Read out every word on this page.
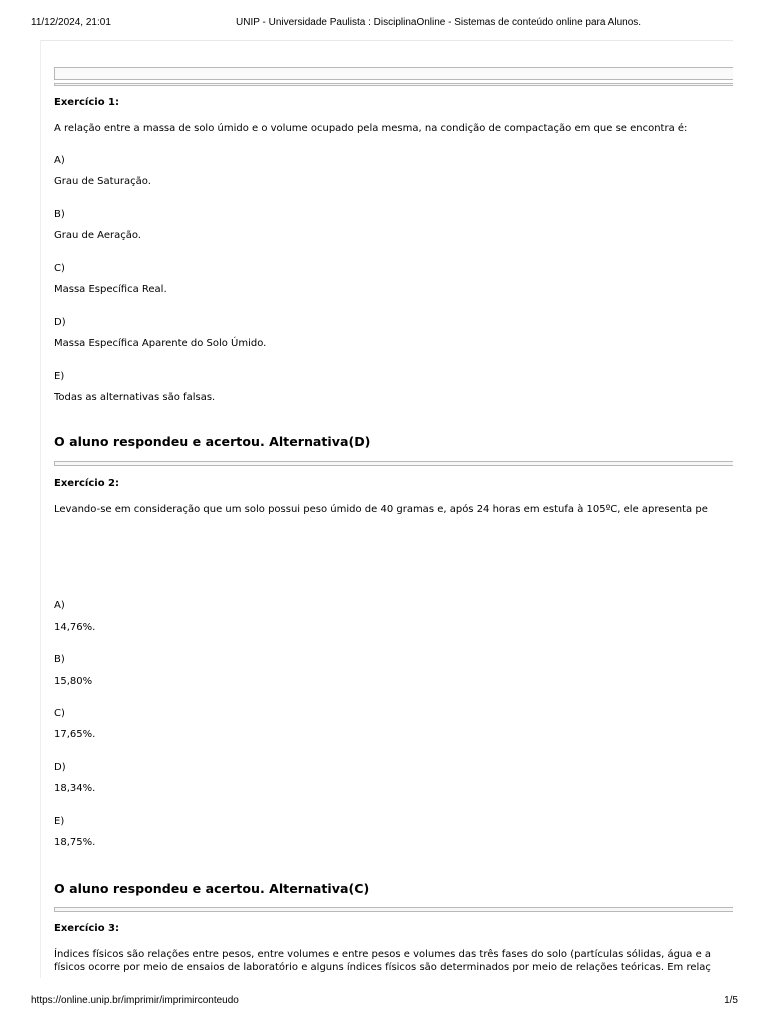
11/12/2024, 21:01	UNIP - Universidade Paulista : DisciplinaOnline - Sistemas de conteúdo online para Alunos.
Exercício 1:
A relação entre a massa de solo úmido e o volume ocupado pela mesma, na condição de compactação em que se encontra é:
A)
Grau de Saturação.
B)
Grau de Aeração.
C)
Massa Específica Real.
D)
Massa Específica Aparente do Solo Úmido.
E)
Todas as alternativas são falsas.
O aluno respondeu e acertou. Alternativa(D)
Exercício 2:
Levando-se em consideração que um solo possui peso úmido de 40 gramas e, após 24 horas em estufa à 105ºC, ele apresenta pe
A)
14,76%.
B)
15,80%
C)
17,65%.
D)
18,34%.
E)
18,75%.
O aluno respondeu e acertou. Alternativa(C)
Exercício 3:
Índices físicos são relações entre pesos, entre volumes e entre pesos e volumes das três fases do solo (partículas sólidas, água e a
físicos ocorre por meio de ensaios de laboratório e alguns índices físicos são determinados por meio de relações teóricas. Em relaç
https://online.unip.br/imprimir/imprimirconteudo	1/5
